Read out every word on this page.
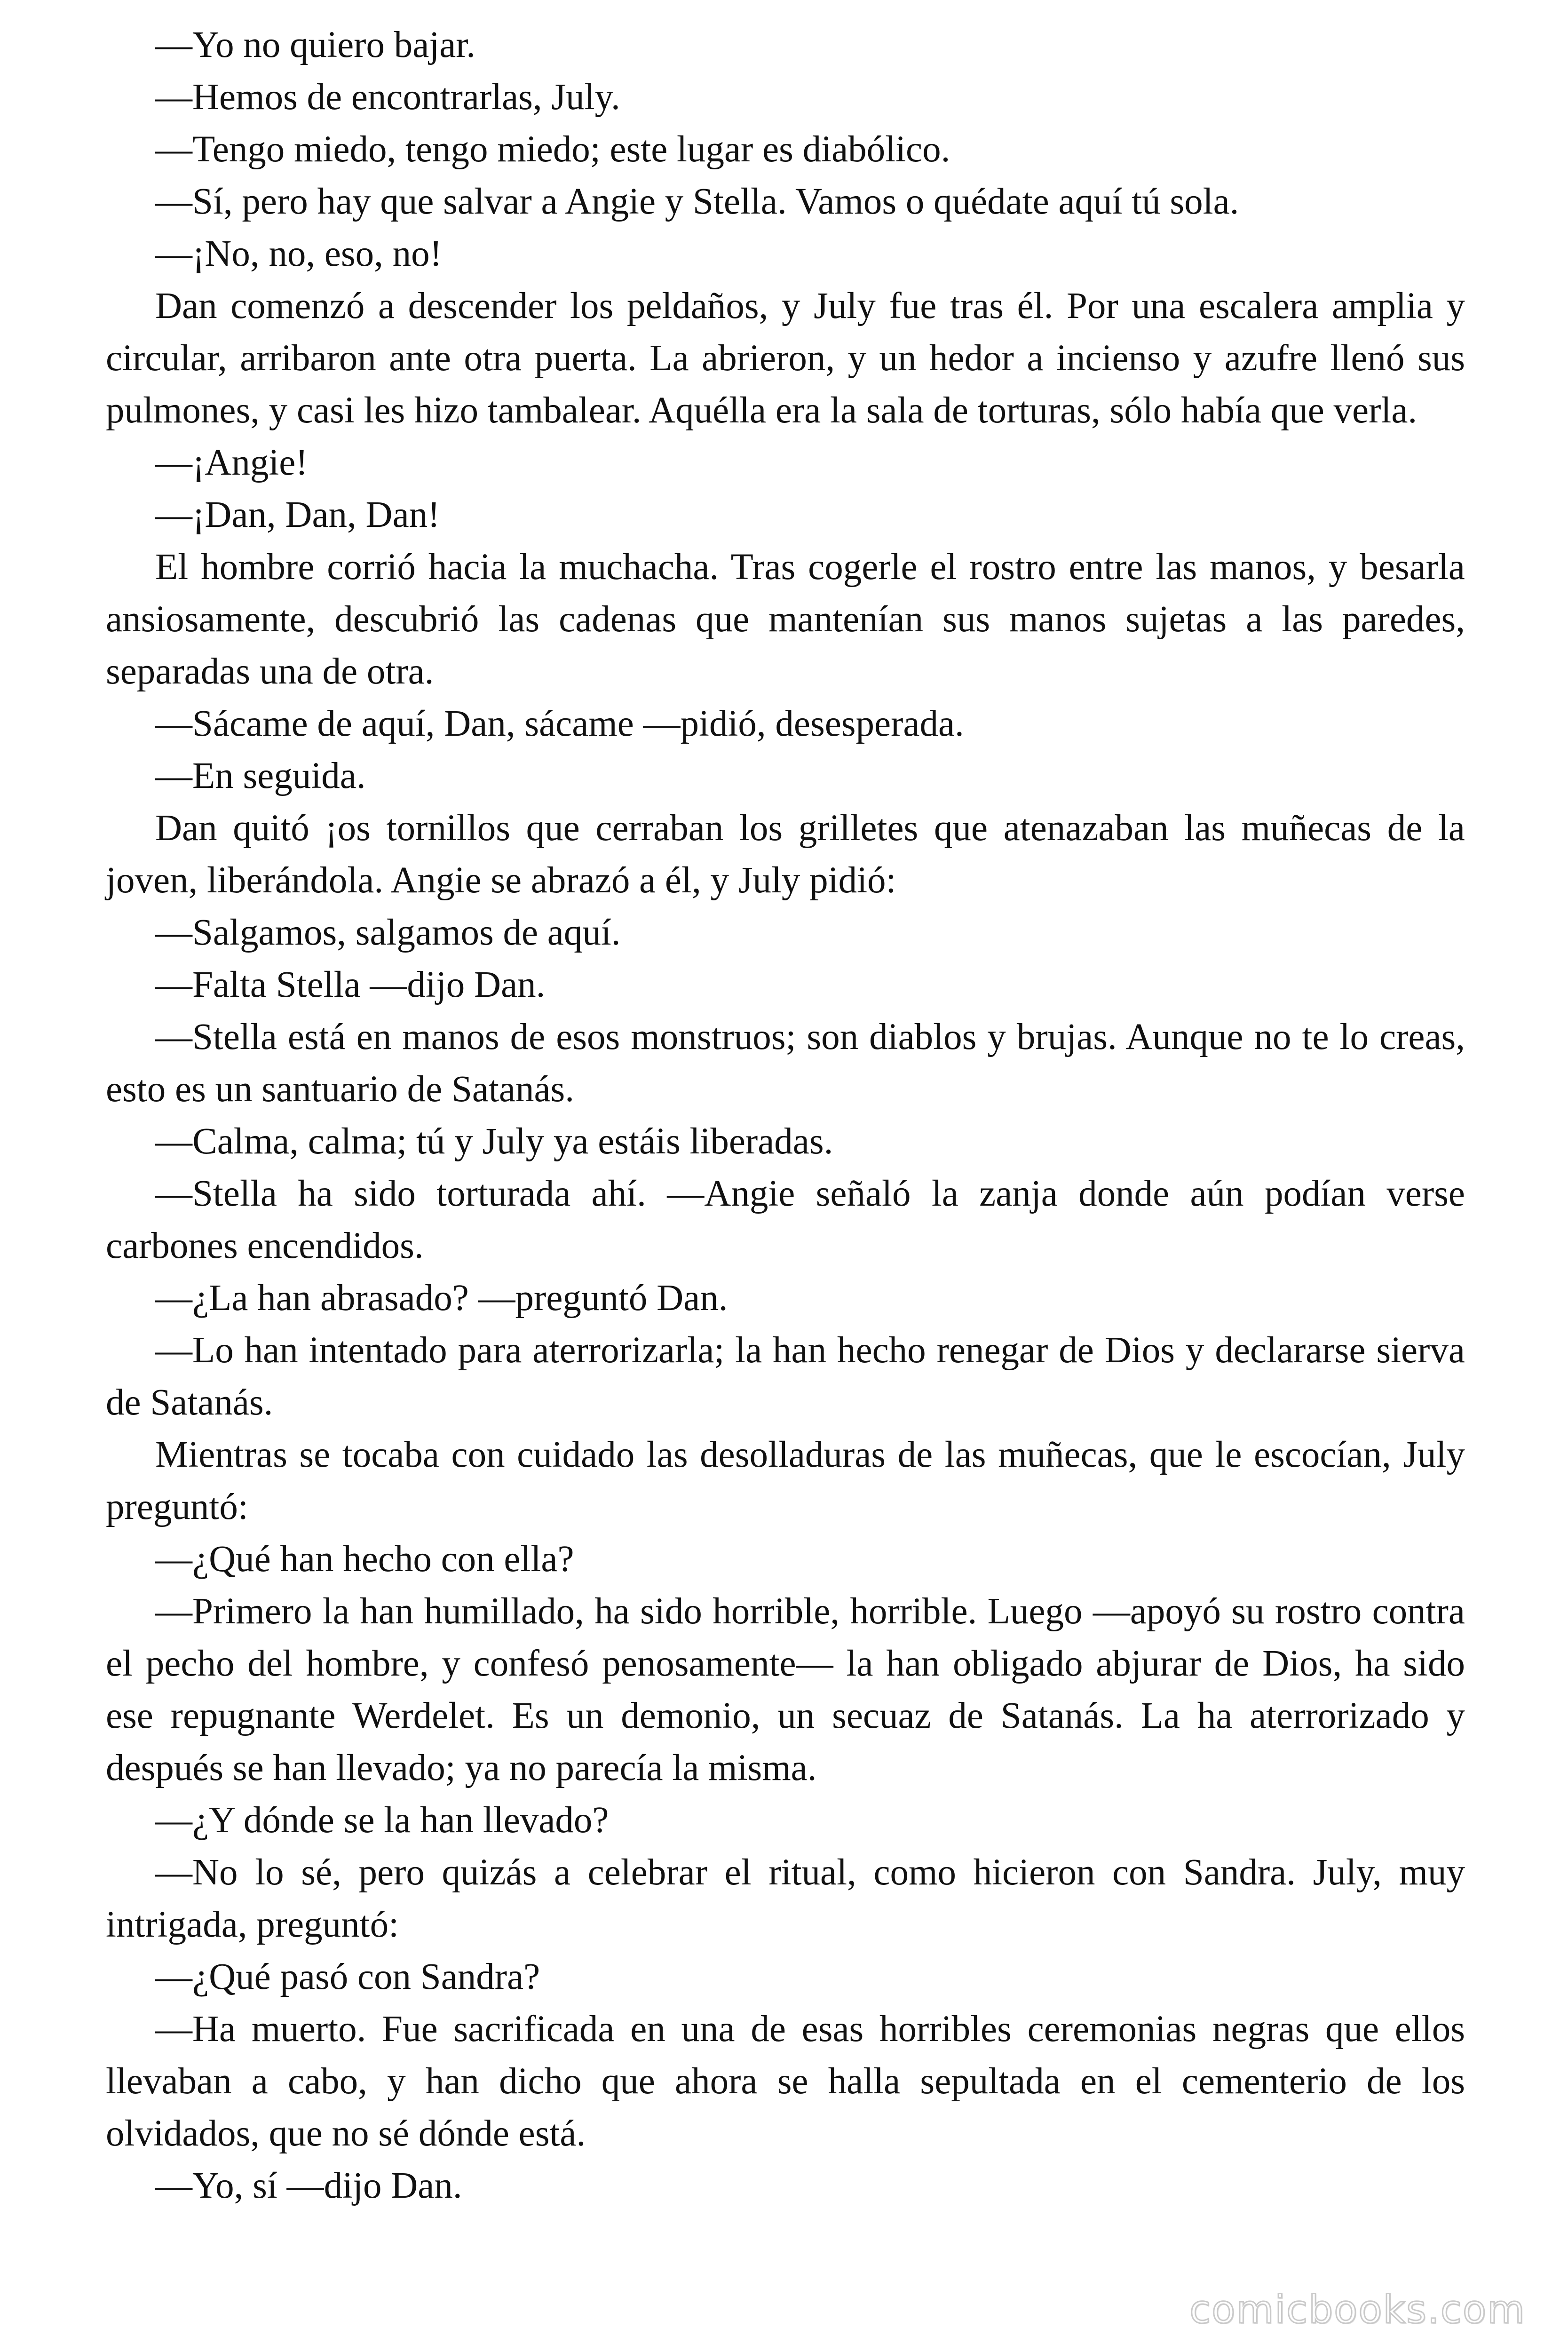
—Yo no quiero bajar.

—Hemos de encontrarlas, July.

—Tengo miedo, tengo miedo; este lugar es diabólico.

—Sí, pero hay que salvar a Angie y Stella. Vamos o quédate aquí tú sola.

—¡No, no, eso, no!

Dan comenzó a descender los peldaños, y July fue tras él. Por una escalera amplia y circular, arribaron ante otra puerta. La abrieron, y un hedor a incienso y azufre llenó sus pulmones, y casi les hizo tambalear. Aquélla era la sala de torturas, sólo había que verla.

—¡Angie!

—¡Dan, Dan, Dan!

El hombre corrió hacia la muchacha. Tras cogerle el rostro entre las manos, y besarla ansiosamente, descubrió las cadenas que mantenían sus manos sujetas a las paredes, separadas una de otra.

—Sácame de aquí, Dan, sácame —pidió, desesperada.

—En seguida.

Dan quitó ¡os tornillos que cerraban los grilletes que atenazaban las muñecas de la joven, liberándola. Angie se abrazó a él, y July pidió:

—Salgamos, salgamos de aquí.

—Falta Stella —dijo Dan.

—Stella está en manos de esos monstruos; son diablos y brujas. Aunque no te lo creas, esto es un santuario de Satanás.

—Calma, calma; tú y July ya estáis liberadas.

—Stella ha sido torturada ahí. —Angie señaló la zanja donde aún podían verse carbones encendidos.

—¿La han abrasado? —preguntó Dan.

—Lo han intentado para aterrorizarla; la han hecho renegar de Dios y declararse sierva de Satanás.

Mientras se tocaba con cuidado las desolladuras de las muñecas, que le escocían, July preguntó:

—¿Qué han hecho con ella?

—Primero la han humillado, ha sido horrible, horrible. Luego —apoyó su rostro contra el pecho del hombre, y confesó penosamente— la han obligado abjurar de Dios, ha sido ese repugnante Werdelet. Es un demonio, un secuaz de Satanás. La ha aterrorizado y después se han llevado; ya no parecía la misma.

—¿Y dónde se la han llevado?

—No lo sé, pero quizás a celebrar el ritual, como hicieron con Sandra. July, muy intrigada, preguntó:

—¿Qué pasó con Sandra?

—Ha muerto. Fue sacrificada en una de esas horribles ceremonias negras que ellos llevaban a cabo, y han dicho que ahora se halla sepultada en el cementerio de los olvidados, que no sé dónde está.

—Yo, sí —dijo Dan.

comicbooks.com
